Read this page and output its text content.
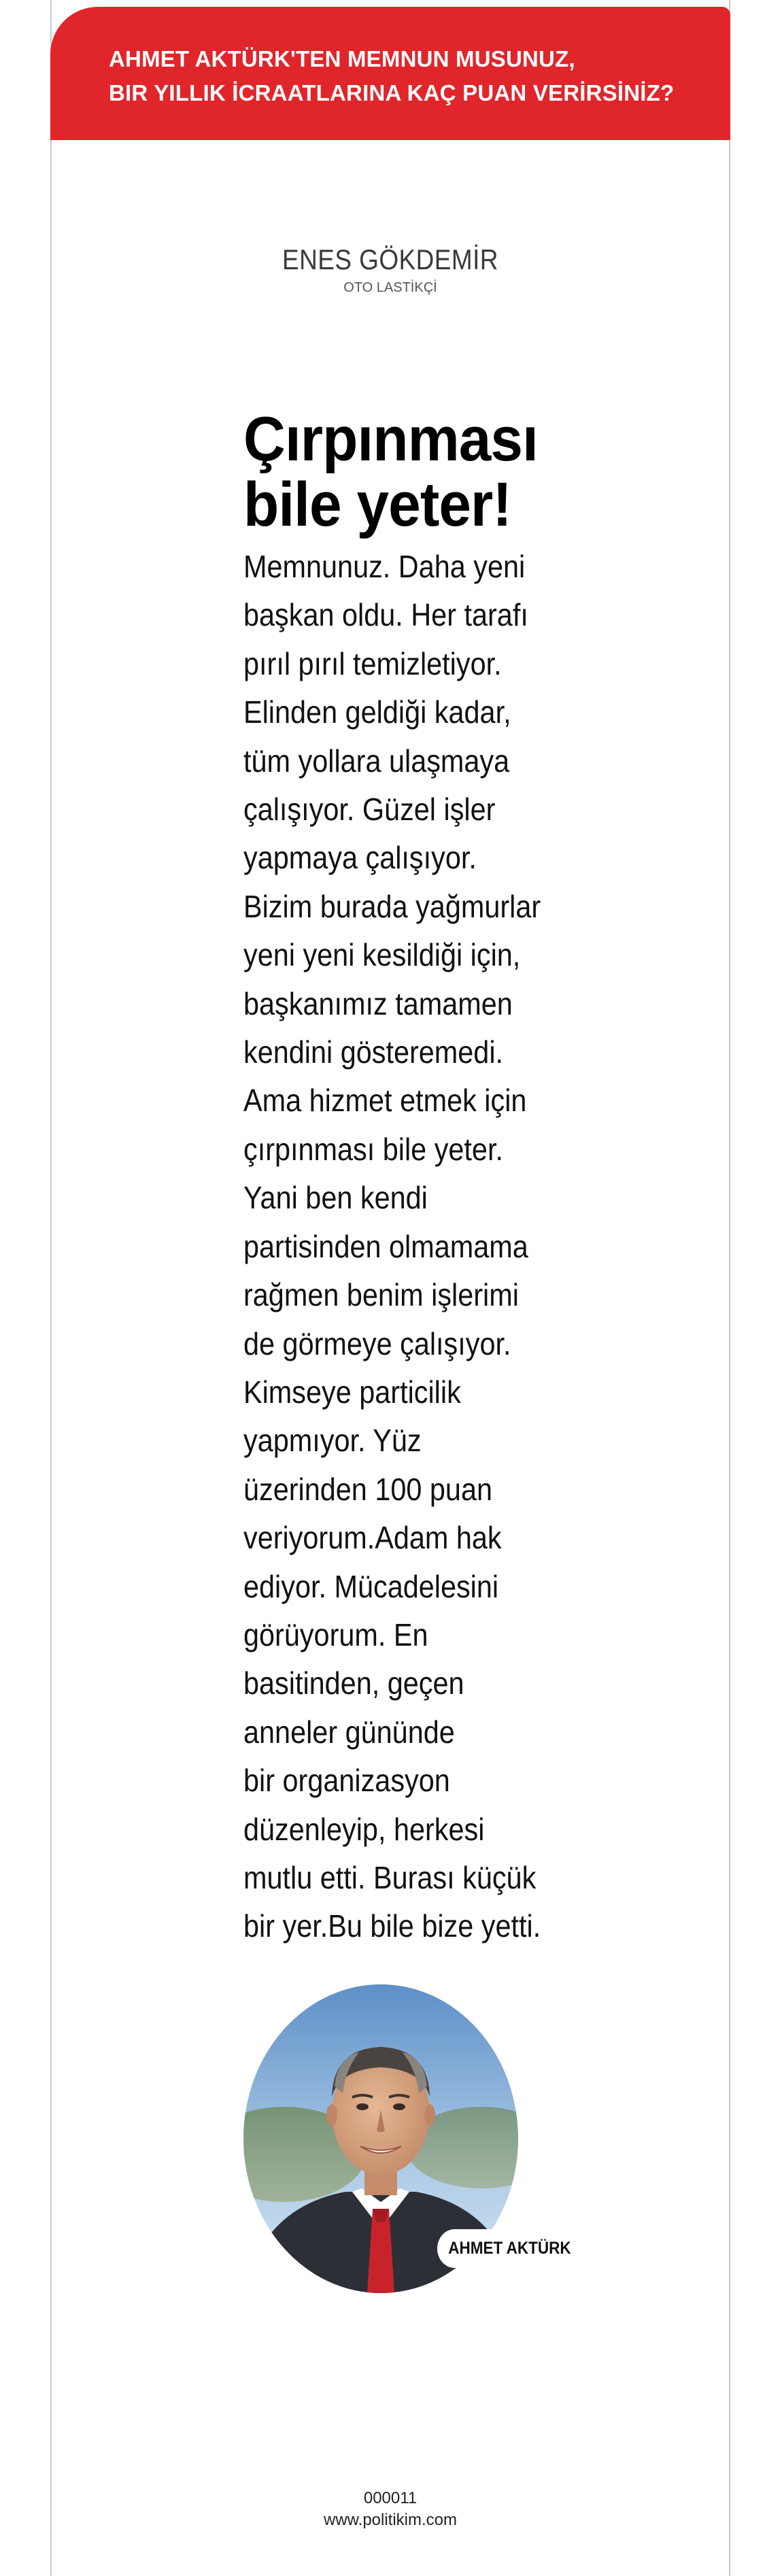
AHMET AKTÜRK'TEN MEMNUN MUSUNUZ,
BIR YILLIK İCRAATLARINA KAÇ PUAN VERİRSİNİZ?
ENES GÖKDEMİR
OTO LASTİKÇİ
Çırpınması
bile yeter!
Memnunuz. Daha yeni
başkan oldu. Her tarafı
pırıl pırıl temizletiyor.
Elinden geldiği kadar,
tüm yollara ulaşmaya
çalışıyor. Güzel işler
yapmaya çalışıyor.
Bizim burada yağmurlar
yeni yeni kesildiği için,
başkanımız tamamen
kendini gösteremedi.
Ama hizmet etmek için
çırpınması bile yeter.
Yani ben kendi
partisinden olmamama
rağmen benim işlerimi
de görmeye çalışıyor.
Kimseye particilik
yapmıyor. Yüz
üzerinden 100 puan
veriyorum.Adam hak
ediyor. Mücadelesini
görüyorum. En
basitinden, geçen
anneler gününde
bir organizasyon
düzenleyip, herkesi
mutlu etti. Burası küçük
bir yer.Bu bile bize yetti.
AHMET AKTÜRK
000011
www.politikim.com
